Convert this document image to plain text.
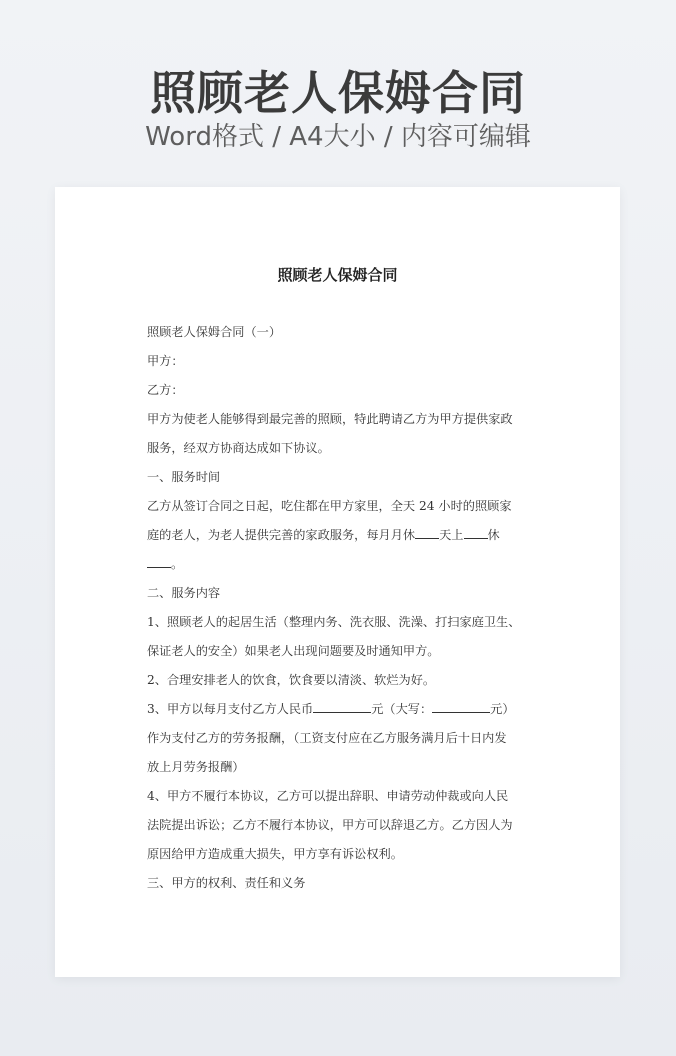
照顾老人保姆合同
Word格式 / A4大小 / 内容可编辑
照顾老人保姆合同

照顾老人保姆合同（一）

甲方：

乙方：

甲方为使老人能够得到最完善的照顾，特此聘请乙方为甲方提供家政

服务，经双方协商达成如下协议。

一、服务时间

乙方从签订合同之日起，吃住都在甲方家里，全天 24 小时的照顾家

庭的老人，为老人提供完善的家政服务，每月月休 天上 休

。

二、服务内容

1、照顾老人的起居生活（整理内务、洗衣服、洗澡、打扫家庭卫生、

保证老人的安全）如果老人出现问题要及时通知甲方。

2、合理安排老人的饮食，饮食要以清淡、软烂为好。

3、甲方以每月支付乙方人民币	元（大写：	元）

作为支付乙方的劳务报酬，（工资支付应在乙方服务满月后十日内发

放上月劳务报酬）

4、甲方不履行本协议，乙方可以提出辞职、申请劳动仲裁或向人民

法院提出诉讼；乙方不履行本协议，甲方可以辞退乙方。乙方因人为

原因给甲方造成重大损失，甲方享有诉讼权利。

三、甲方的权利、责任和义务
